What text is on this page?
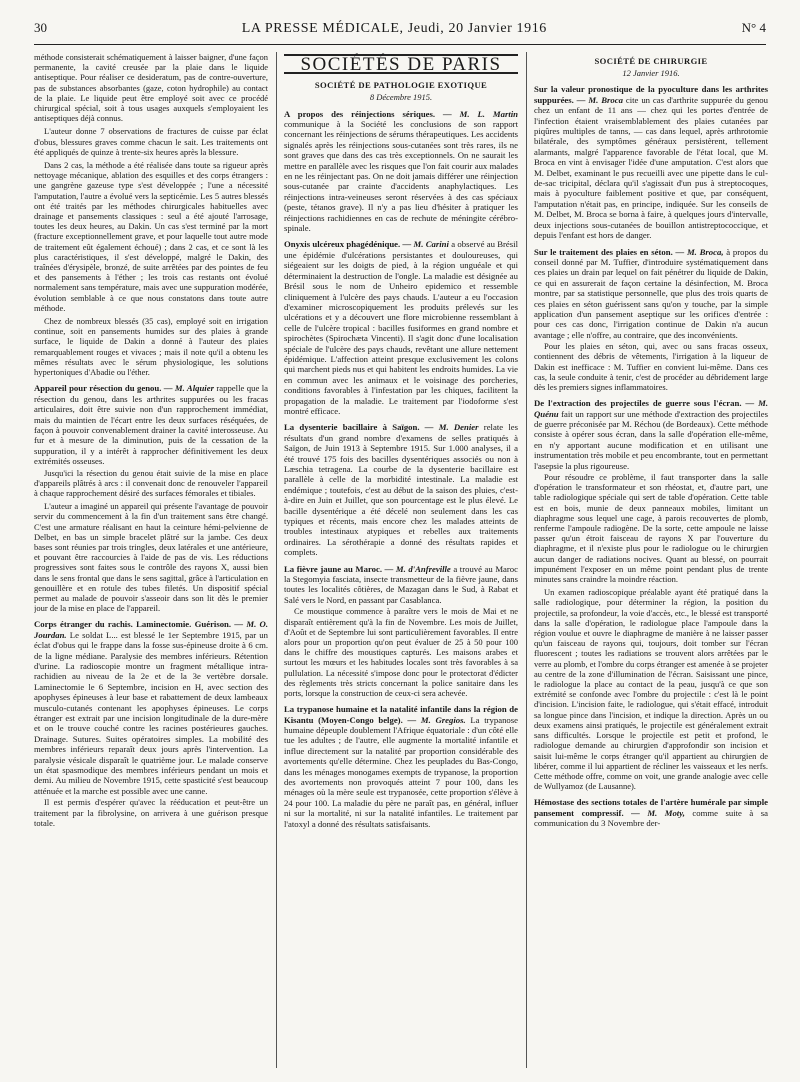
30	LA PRESSE MÉDICALE, Jeudi, 20 Janvier 1916	N° 4

méthode consisterait schématiquement à laisser baigner, d'une façon permanente, la cavité creusée par la plaie dans le liquide antiseptique. Pour réaliser ce desideratum, pas de contre-ouverture, pas de substances absorbantes (gaze, coton hydrophile) au contact de la plaie. Le liquide peut être employé soit avec ce procédé chirurgical spécial, soit à tous usages auxquels s'employaient les antiseptiques déjà connus.

L'auteur donne 7 observations de fractures de cuisse par éclat d'obus, blessures graves comme chacun le sait. Les traitements ont été appliqués de quinze à trente-six heures après la blessure.

Dans 2 cas, la méthode a été réalisée dans toute sa rigueur après nettoyage mécanique, ablation des esquilles et des corps étrangers : une gangrène gazeuse type s'est développée ; l'une a nécessité l'amputation, l'autre a évolué vers la septicémie. Les 5 autres blessés ont été traités par les méthodes chirurgicales habituelles avec drainage et pansements classiques : seul a été ajouté l'arrosage, toutes les deux heures, au Dakin. Un cas s'est terminé par la mort (fracture exceptionnellement grave, et pour laquelle tout autre mode de traitement eût également échoué) ; dans 2 cas, et ce sont là les plus caractéristiques, il s'est développé, malgré le Dakin, des traînées d'érysipèle, bronzé, de suite arrêtées par des pointes de feu et des pansements à l'éther ; les trois cas restants ont évolué normalement sans température, mais avec une suppuration modérée, évolution semblable à ce que nous constatons dans toute autre méthode.

Chez de nombreux blessés (35 cas), employé soit en irrigation continue, soit en pansements humides sur des plaies à grande surface, le liquide de Dakin a donné à l'auteur des plaies remarquablement rouges et vivaces ; mais il note qu'il a obtenu les mêmes résultats avec le sérum physiologique, les solutions hypertoniques d'Abadie ou l'éther.

Appareil pour résection du genou. — M. Alquier rappelle que la résection du genou, dans les arthrites suppurées ou les fracas articulaires, doit être suivie non d'un rapprochement immédiat, mais du maintien de l'écart entre les deux surfaces réséquées, de façon à pouvoir convenablement drainer la cavité interosseuse. Au fur et à mesure de la diminution, puis de la cessation de la suppuration, il y a intérêt à rapprocher définitivement les deux extrémités osseuses.

Jusqu'ici la résection du genou était suivie de la mise en place d'appareils plâtrés à arcs : il convenait donc de renouveler l'appareil à chaque rapprochement désiré des surfaces fémorales et tibiales.

L'auteur a imaginé un appareil qui présente l'avantage de pouvoir servir du commencement à la fin d'un traitement sans être changé. C'est une armature réalisant en haut la ceinture hémi-pelvienne de Delbet, en bas un simple bracelet plâtré sur la jambe. Ces deux bases sont réunies par trois tringles, deux latérales et une antérieure, et pouvant être raccourcies à l'aide de pas de vis. Les réductions progressives sont faites sous le contrôle des rayons X, aussi bien dans le sens frontal que dans le sens sagittal, grâce à l'articulation en genouillère et en rotule des tubes filetés. Un dispositif spécial permet au malade de pouvoir s'asseoir dans son lit dès le premier jour de la mise en place de l'appareil.

Corps étranger du rachis. Laminectomie. Guérison. — M. O. Jourdan. Le soldat L... est blessé le 1er Septembre 1915, par un éclat d'obus qui le frappe dans la fosse sus-épineuse droite à 6 cm. de la ligne médiane. Paralysie des membres inférieurs. Rétention d'urine. La radioscopie montre un fragment métallique intra-rachidien au niveau de la 2e et de la 3e vertèbre dorsale. Laminectomie le 6 Septembre, incision en H, avec section des apophyses épineuses à leur base et rabattement de deux lambeaux musculo-cutanés contenant les apophyses épineuses. Le corps étranger est extrait par une incision longitudinale de la dure-mère et on le trouve couché contre les racines postérieures gauches. Drainage. Sutures. Suites opératoires simples. La mobilité des membres inférieurs reparaît deux jours après l'intervention. La paralysie vésicale disparaît le quatrième jour. Le malade conserve un état spasmodique des membres inférieurs pendant un mois et demi. Au milieu de Novembre 1915, cette spasticité s'est beaucoup atténuée et la marche est possible avec une canne.

Il est permis d'espérer qu'avec la rééducation et peut-être un traitement par la fibrolysine, on arrivera à une guérison presque totale.

SOCIÉTÉS DE PARIS
SOCIÉTÉ DE PATHOLOGIE EXOTIQUE
8 Décembre 1915.
A propos des réinjections sériques. — M. L. Martin communique à la Société les conclusions de son rapport concernant les réinjections de sérums thérapeutiques. Les accidents signalés après les réinjections sous-cutanées sont très rares, ils ne sont graves que dans des cas très exceptionnels. On ne saurait les mettre en parallèle avec les risques que l'on fait courir aux malades en ne les réinjectant pas. On ne doit jamais différer une réinjection sous-cutanée par crainte d'accidents anaphylactiques. Les réinjections intra-veineuses seront réservées à des cas spéciaux (peste, tétanos grave). Il n'y a pas lieu d'hésiter à pratiquer les réinjections rachidiennes en cas de rechute de méningite cérébro-spinale.
Onyxis ulcéreux phagédénique. — M. Carini a observé au Brésil une épidémie d'ulcérations persistantes et douloureuses, qui siégeaient sur les doigts de pied, à la région unguéale et qui déterminaient la destruction de l'ongle. La maladie est désignée au Brésil sous le nom de Unheiro epidemico et ressemble cliniquement à l'ulcère des pays chauds. L'auteur a eu l'occasion d'examiner microscopiquement les produits prélevés sur les ulcérations et y a découvert une flore microbienne ressemblant à celle de l'ulcère tropical : bacilles fusiformes en grand nombre et spirochètes (Spirochæta Vincenti). Il s'agit donc d'une localisation spéciale de l'ulcère des pays chauds, revêtant une allure nettement épidémique. L'affection atteint presque exclusivement les colons qui marchent pieds nus et qui habitent les endroits humides. La vie en commun avec les animaux et le voisinage des porcheries, conditions favorables à l'infestation par les chiques, facilitent la propagation de la maladie. Le traitement par l'iodoforme s'est montré efficace.
La dysenterie bacillaire à Saïgon. — M. Denier relate les résultats d'un grand nombre d'examens de selles pratiqués à Saïgon, de Juin 1913 à Septembre 1915. Sur 1.000 analyses, il a été trouvé 175 fois des bacilles dysentériques associés ou non à Læschia tetragena. La courbe de la dysenterie bacillaire est parallèle à celle de la morbidité intestinale. La maladie est endémique ; toutefois, c'est au début de la saison des pluies, c'est-à-dire en Juin et Juillet, que son pourcentage est le plus élevé. Le bacille dysentérique a été décelé non seulement dans les cas typiques et récents, mais encore chez les malades atteints de troubles intestinaux atypiques et rebelles aux traitements ordinaires. La sérothérapie a donné des résultats rapides et complets.
La fièvre jaune au Maroc. — M. d'Anfreville a trouvé au Maroc la Stegomyia fasciata, insecte transmetteur de la fièvre jaune, dans toutes les localités côtières, de Mazagan dans le Sud, à Rabat et Salé vers le Nord, en passant par Casablanca.

Ce moustique commence à paraître vers le mois de Mai et ne disparaît entièrement qu'à la fin de Novembre. Les mois de Juillet, d'Août et de Septembre lui sont particulièrement favorables. Il entre alors pour un proportion qu'on peut évaluer de 25 à 50 pour 100 dans le chiffre des moustiques capturés. Les maisons arabes et surtout les mœurs et les habitudes locales sont très favorables à sa pullulation. La nécessité s'impose donc pour le protectorat d'édicter des règlements très stricts concernant la police sanitaire dans les ports, lorsque la construction de ceux-ci sera achevée.

La trypanose humaine et la natalité infantile dans la région de Kisantu (Moyen-Congo belge). — M. Gregios. La trypanose humaine dépeuple doublement l'Afrique équatoriale : d'un côté elle tue les adultes ; de l'autre, elle augmente la mortalité infantile et influe directement sur la natalité par proportion considérable des avortements qu'elle détermine. Chez les peuplades du Bas-Congo, dans les ménages monogames exempts de trypanose, la proportion des avortements non provoqués atteint 7 pour 100, dans les ménages où la mère seule est trypanosée, cette proportion s'élève à 24 pour 100. La maladie du père ne paraît pas, en général, influer ni sur la mortalité, ni sur la natalité infantiles. Le traitement par l'atoxyl a donné des résultats satisfaisants.
SOCIÉTÉ DE CHIRURGIE
12 Janvier 1916.
Sur la valeur pronostique de la pyoculture dans les arthrites suppurées. — M. Broca cite un cas d'arthrite suppurée du genou chez un enfant de 11 ans — chez qui les portes d'entrée de l'infection étaient vraisemblablement des plaies cutanées par piqûres multiples de tanns, — cas dans lequel, après arthrotomie bilatérale, des symptômes généraux persistèrent, tellement alarmants, malgré l'apparence favorable de l'état local, que M. Broca en vint à envisager l'idée d'une amputation. C'est alors que M. Delbet, examinant le pus recueilli avec une pipette dans le cul-de-sac tricipital, déclara qu'il s'agissait d'un pus à streptocoques, mais à pyoculture faiblement positive et que, par conséquent, l'amputation n'était pas, en principe, indiquée. Sur les conseils de M. Delbet, M. Broca se borna à faire, à quelques jours d'intervalle, deux injections sous-cutanées de bouillon antistreptococcique, et depuis l'enfant est hors de danger.
Sur le traitement des plaies en séton. — M. Broca, à propos du conseil donné par M. Tuffier, d'introduire systématiquement dans ces plaies un drain par lequel on fait pénétrer du liquide de Dakin, ce qui en assurerait de façon certaine la désinfection, M. Broca montre, par sa statistique personnelle, que plus des trois quarts de ces plaies en séton guérissent sans qu'on y touche, par la simple application d'un pansement aseptique sur les orifices d'entrée : pour ces cas donc, l'irrigation continue de Dakin n'a aucun avantage ; elle n'offre, au contraire, que des inconvénients.

Pour les plaies en séton, qui, avec ou sans fracas osseux, contiennent des débris de vêtements, l'irrigation à la liqueur de Dakin est inefficace : M. Tuffier en convient lui-même. Dans ces cas, la seule conduite à tenir, c'est de procéder au débridement large dès les premiers signes inflammatoires.

De l'extraction des projectiles de guerre sous l'écran. — M. Quénu fait un rapport sur une méthode d'extraction des projectiles de guerre préconisée par M. Réchou (de Bordeaux). Cette méthode consiste à opérer sous écran, dans la salle d'opération elle-même, en n'y apportant aucune modification et en utilisant une instrumentation très mobile et peu encombrante, tout en permettant l'asepsie la plus rigoureuse.

Pour résoudre ce problème, il faut transporter dans la salle d'opération le transformateur et son rhéostat, et, d'autre part, une table radiologique spéciale qui sert de table d'opération. Cette table est en bois, munie de deux panneaux mobiles, limitant un diaphragme sous lequel une cage, à parois recouvertes de plomb, renferme l'ampoule radiogène. De la sorte, cette ampoule ne laisse passer qu'un étroit faisceau de rayons X par l'ouverture du diaphragme, et il n'existe plus pour le radiologue ou le chirurgien aucun danger de radiations nocives. Quant au blessé, on pourrait impunément l'exposer en un même point pendant plus de trente minutes sans craindre la moindre réaction.

Un examen radioscopique préalable ayant été pratiqué dans la salle radiologique, pour déterminer la région, la position du projectile, sa profondeur, la voie d'accès, etc., le blessé est transporté dans la salle d'opération, le radiologue place l'ampoule dans la région voulue et ouvre le diaphragme de manière à ne laisser passer qu'un faisceau de rayons qui, toujours, doit tomber sur l'écran fluorescent ; toutes les radiations se trouvent alors arrêtées par le verre au plomb, et l'ombre du corps étranger est amenée à se projeter au centre de la zone d'illumination de l'écran. Saisissant une pince, le radiologue la place au contact de la peau, jusqu'à ce que son extrémité se confonde avec l'ombre du projectile : c'est là le point d'incision. L'incision faite, le radiologue, qui s'était effacé, introduit sa longue pince dans l'incision, et indique la direction. Après un ou deux examens ainsi pratiqués, le projectile est généralement extrait sans difficultés. Lorsque le projectile est petit et profond, le radiologue demande au chirurgien d'approfondir son incision et saisit lui-même le corps étranger qu'il appartient au chirurgien de libérer, comme il lui appartient de récliner les vaisseaux et les nerfs. Cette méthode offre, comme on voit, une grande analogie avec celle de Wullyamoz (de Lausanne).

Hémostase des sections totales de l'artère humérale par simple pansement compressif. — M. Moty, comme suite à sa communication du 3 Novembre der-
